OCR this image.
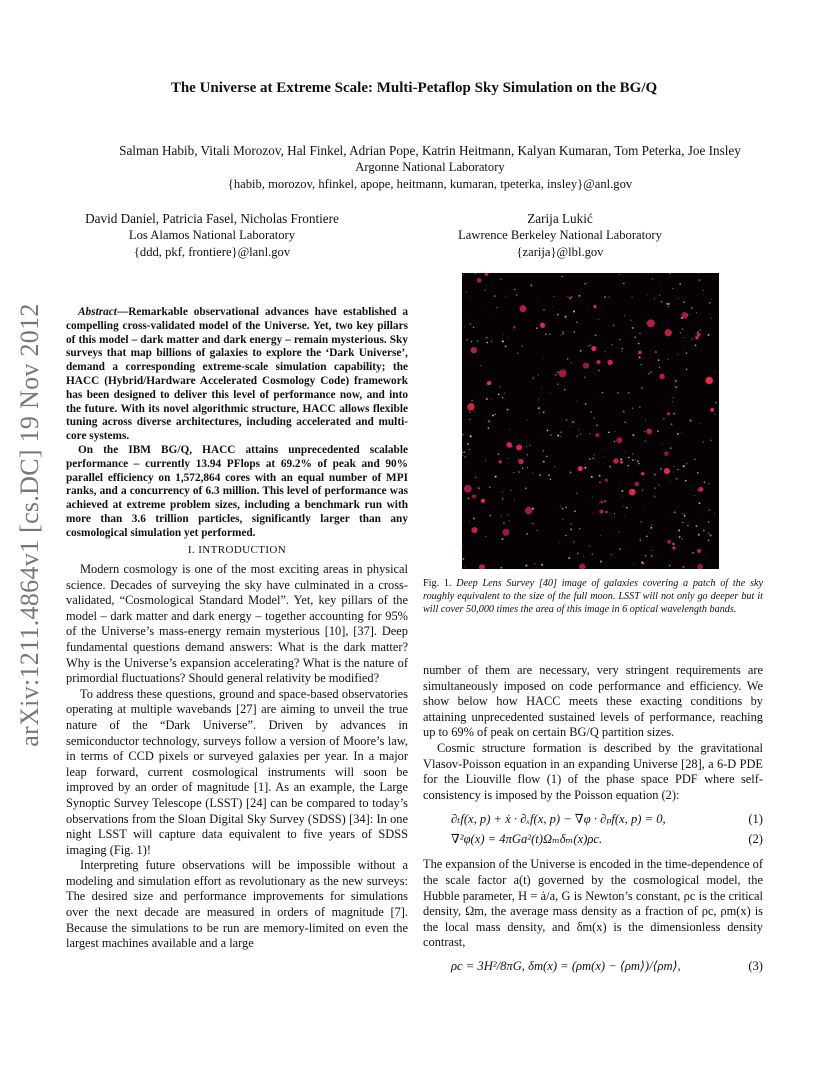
The Universe at Extreme Scale: Multi-Petaflop Sky Simulation on the BG/Q
Salman Habib, Vitali Morozov, Hal Finkel, Adrian Pope, Katrin Heitmann, Kalyan Kumaran, Tom Peterka, Joe Insley
Argonne National Laboratory
{habib, morozov, hfinkel, apope, heitmann, kumaran, tpeterka, insley}@anl.gov
David Daniel, Patricia Fasel, Nicholas Frontiere
Los Alamos National Laboratory
{ddd, pkf, frontiere}@lanl.gov
Zarija Lukić
Lawrence Berkeley National Laboratory
{zarija}@lbl.gov
arXiv:1211.4864v1 [cs.DC] 19 Nov 2012	Abstract—Remarkable observational advances have established a compelling cross-validated model of the Universe. Yet, two key pillars of this model – dark matter and dark energy – remain mysterious. Sky surveys that map billions of galaxies to explore the ‘Dark Universe’, demand a corresponding extreme-scale simulation capability; the HACC (Hybrid/Hardware Accelerated Cosmology Code) framework has been designed to deliver this level of performance now, and into the future. With its novel algorithmic structure, HACC allows flexible tuning across diverse architectures, including accelerated and multi-core systems.

On the IBM BG/Q, HACC attains unprecedented scalable performance – currently 13.94 PFlops at 69.2% of peak and 90% parallel efficiency on 1,572,864 cores with an equal number of MPI ranks, and a concurrency of 6.3 million. This level of performance was achieved at extreme problem sizes, including a benchmark run with more than 3.6 trillion particles, significantly larger than any cosmological simulation yet performed.

I. INTRODUCTION

Modern cosmology is one of the most exciting areas in physical science. Decades of surveying the sky have culminated in a cross-validated, “Cosmological Standard Model”. Yet, key pillars of the model – dark matter and dark energy – together accounting for 95% of the Universe’s mass-energy remain mysterious [10], [37]. Deep fundamental questions demand answers: What is the dark matter? Why is the Universe’s expansion accelerating? What is the nature of primordial fluctuations? Should general relativity be modified?

To address these questions, ground and space-based observatories operating at multiple wavebands [27] are aiming to unveil the true nature of the “Dark Universe”. Driven by advances in semiconductor technology, surveys follow a version of Moore’s law, in terms of CCD pixels or surveyed galaxies per year. In a major leap forward, current cosmological instruments will soon be improved by an order of magnitude [1]. As an example, the Large Synoptic Survey Telescope (LSST) [24] can be compared to today’s observations from the Sloan Digital Sky Survey (SDSS) [34]: In one night LSST will capture data equivalent to five years of SDSS imaging (Fig. 1)!

Interpreting future observations will be impossible without a modeling and simulation effort as revolutionary as the new surveys: The desired size and performance improvements for simulations over the next decade are measured in orders of magnitude [7]. Because the simulations to be run are memory-limited on even the largest machines available and a large

Fig. 1. Deep Lens Survey [40] image of galaxies covering a patch of the sky roughly equivalent to the size of the full moon. LSST will not only go deeper but it will cover 50,000 times the area of this image in 6 optical wavelength bands.

number of them are necessary, very stringent requirements are simultaneously imposed on code performance and efficiency. We show below how HACC meets these exacting conditions by attaining unprecedented sustained levels of performance, reaching up to 69% of peak on certain BG/Q partition sizes.

Cosmic structure formation is described by the gravitational Vlasov-Poisson equation in an expanding Universe [28], a 6-D PDE for the Liouville flow (1) of the phase space PDF where self-consistency is imposed by the Poisson equation (2):

∂ₜf(x, p) + ẋ · ∂ₓf(x, p) − ∇φ · ∂ₚf(x, p) = 0,	(1)
∇²φ(x) = 4πGa²(t)Ωₘδₘ(x)ρc.	(2)

The expansion of the Universe is encoded in the time-dependence of the scale factor a(t) governed by the cosmological model, the Hubble parameter, H = ȧ/a, G is Newton’s constant, ρc is the critical density, Ωm, the average mass density as a fraction of ρc, ρm(x) is the local mass density, and δm(x) is the dimensionless density contrast,

ρc = 3H²/8πG, δm(x) = (ρm(x) − ⟨ρm⟩)/⟨ρm⟩,	(3)
